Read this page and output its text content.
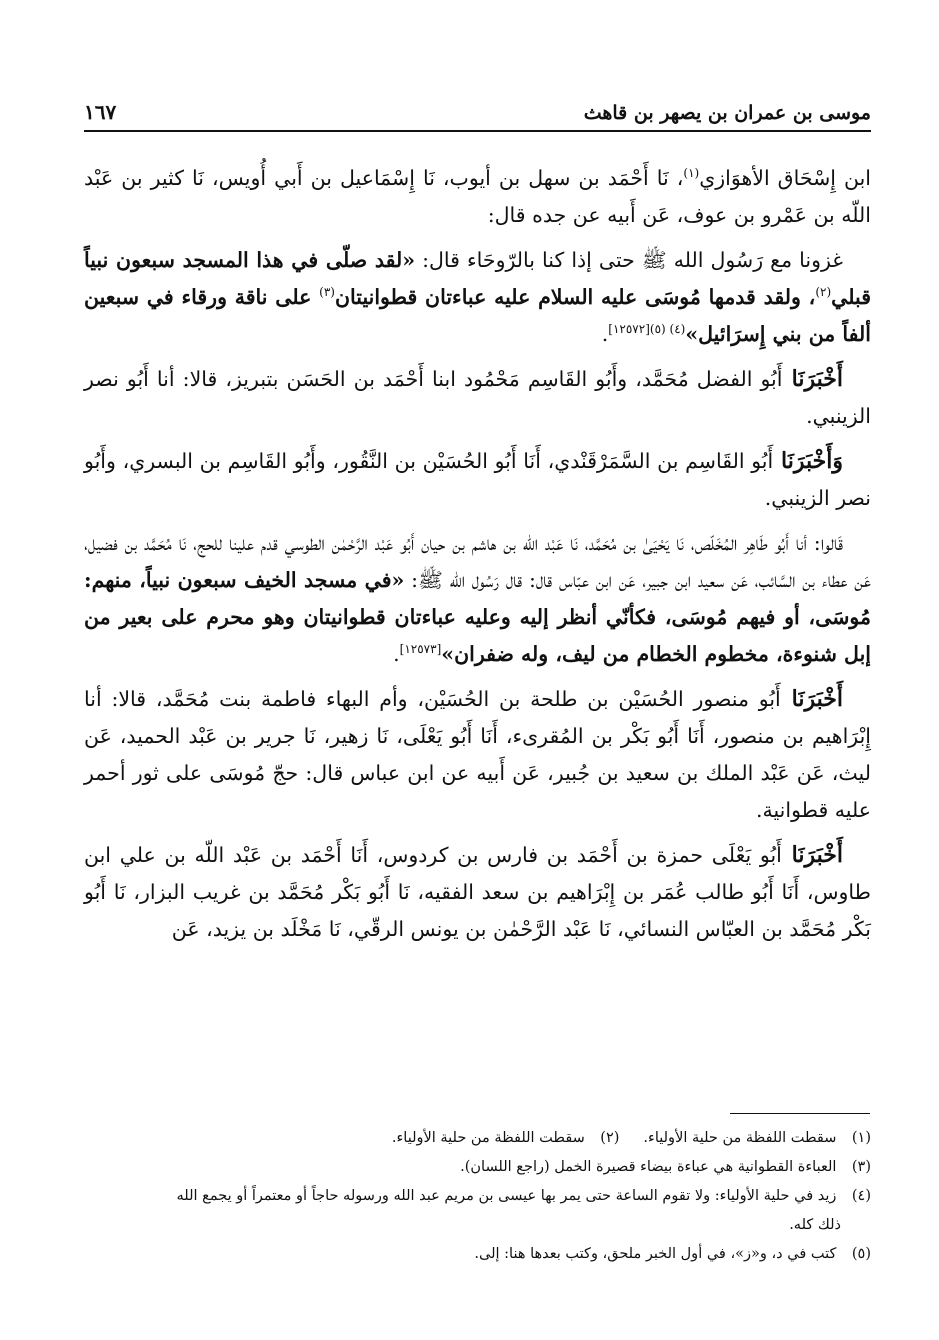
موسى بن عمران بن يصهر بن قاهث
١٦٧

ابن إِسْحَاق الأهوَازي$^{(١)}$، نَا أَحْمَد بن سهل بن أيوب، نَا إِسْمَاعيل بن أَبي أُويس، نَا كثير بن عَبْد اللّه بن عَمْرو بن عوف، عَن أَبيه عن جده قال:

غزونا مع رَسُول الله ﷺ حتى إذا كنا بالرّوحَاء قال: «لقد صلّى في هذا المسجد سبعون نبياً قبلي$^{(٢)}$، ولقد قدمها مُوسَى عليه السلام عليه عباءتان قطوانيتان$^{(٣)}$ على ناقة ورقاء في سبعين ألفاً من بني إِسرَائيل»$^{(٤) (٥)[١٢٥٧٢]}$.

أَخْبَرَنَا أَبُو الفضل مُحَمَّد، وأَبُو القَاسِم مَحْمُود ابنا أَحْمَد بن الحَسَن بتبريز، قالا: أنا أَبُو نصر الزينبي.

وَأَخْبَرَنَا أَبُو القَاسِم بن السَّمَرْقَنْدي، أَنَا أَبُو الحُسَيْن بن النَّقُور، وأَبُو القَاسِم بن البسري، وأَبُو نصر الزينبي.

قَالوا: أنا أَبُو طَاهِر المُخَلّص، نَا يَحْيَىٰ بن مُحَمَّد، نَا عَبْد اللّه بن هاشم بن حيان أَبُو عَبْد الرَّحْمٰن الطوسي قدم علينا للحج، نَا مُحَمَّد بن فضيل، عَن عطاء بن السَّائب، عَن سعيد ابن جبير، عَن ابن عبّاس قال: قال رَسُول الله ﷺ: «في مسجد الخيف سبعون نبياً، منهم: مُوسَى، أو فيهم مُوسَى، فكأنّي أنظر إليه وعليه عباءتان قطوانيتان وهو محرم على بعير من إبل شنوءة، مخطوم الخطام من ليف، وله ضفران»[١٢٥٧٣].

أَخْبَرَنَا أَبُو منصور الحُسَيْن بن طلحة بن الحُسَيْن، وأم البهاء فاطمة بنت مُحَمَّد، قالا: أنا إِبْرَاهيم بن منصور، أَنَا أَبُو بَكْر بن المُقرىء، أَنَا أَبُو يَعْلَى، نَا زهير، نَا جرير بن عَبْد الحميد، عَن ليث، عَن عَبْد الملك بن سعيد بن جُبير، عَن أَبيه عن ابن عباس قال: حجّ مُوسَى على ثور أحمر عليه قطوانية.

أَخْبَرَنَا أَبُو يَعْلَى حمزة بن أَحْمَد بن فارس بن كردوس، أَنَا أَحْمَد بن عَبْد اللّه بن علي ابن طاوس، أَنَا أَبُو طالب عُمَر بن إِبْرَاهيم بن سعد الفقيه، نَا أَبُو بَكْر مُحَمَّد بن غريب البزار، نَا أَبُو بَكْر مُحَمَّد بن العبّاس النسائي، نَا عَبْد الرَّحْمٰن بن يونس الرقّي، نَا مَخْلَد بن يزيد، عَن

(١) سقطت اللفظة من حلية الأولياء.
(٢) سقطت اللفظة من حلية الأولياء.
(٣) العباءة القطوانية هي عباءة بيضاء قصيرة الخمل (راجع اللسان).
(٤) زيد في حلية الأولياء: ولا تقوم الساعة حتى يمر بها عيسى بن مريم عبد الله ورسوله حاجاً أو معتمراً أو يجمع الله
ذلك كله.
(٥) كتب في د، و«ز»، في أول الخبر ملحق، وكتب بعدها هنا: إلى.
